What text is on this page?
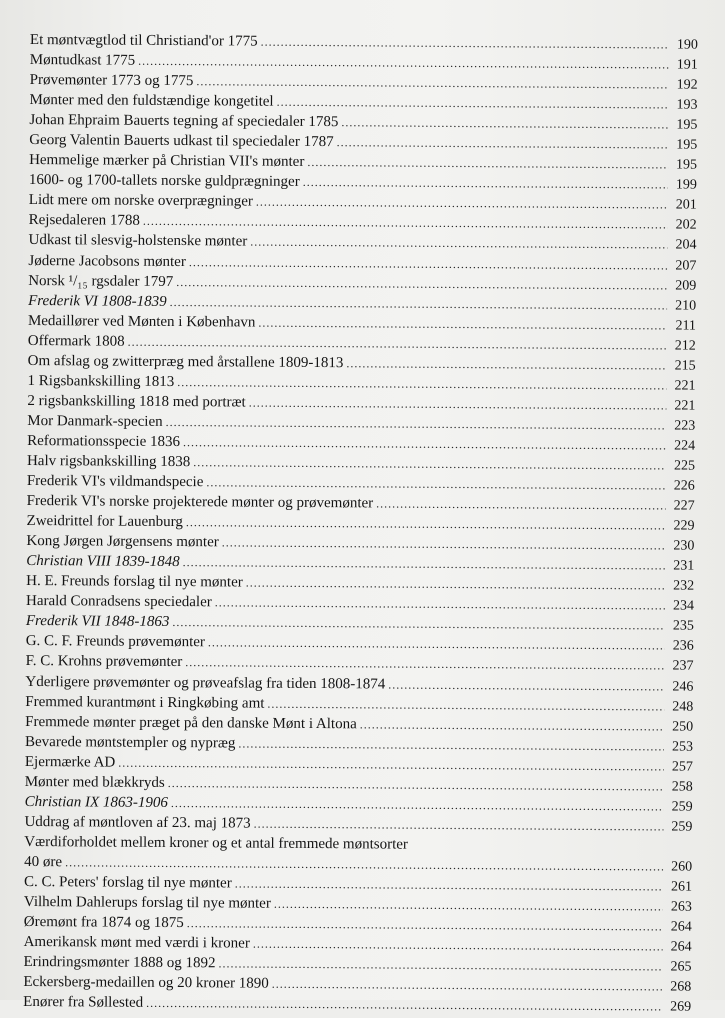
Et møntvægtlod til Christiand'or 1775 .....	190
Møntudkast 1775 .....	191
Prøvemønter 1773 og 1775 .....	192
Mønter med den fuldstændige kongetitel .....	193
Johan Ehpraim Bauerts tegning af speciedaler 1785 .....	195
Georg Valentin Bauerts udkast til speciedaler 1787 .....	195
Hemmelige mærker på Christian VII's mønter .....	195
1600- og 1700-tallets norske guldprægninger .....	199
Lidt mere om norske overprægninger .....	201
Rejsedaleren 1788 .....	202
Udkast til slesvig-holstenske mønter .....	204
Jøderne Jacobsons mønter .....	207
Norsk ¹/₁₅ rgsdaler 1797 .....	209
Frederik VI 1808-1839 .....	210
Medaillører ved Mønten i København .....	211
Offermark 1808 .....	212
Om afslag og zwitterpræg med årstallene 1809-1813 .....	215
1 Rigsbankskilling 1813 .....	221
2 rigsbankskilling 1818 med portræt .....	221
Mor Danmark-specien .....	223
Reformationsspecie 1836 .....	224
Halv rigsbankskilling 1838 .....	225
Frederik VI's vildmandspecie .....	226
Frederik VI's norske projekterede mønter og prøvemønter .....	227
Zweidrittel for Lauenburg .....	229
Kong Jørgen Jørgensens mønter .....	230
Christian VIII 1839-1848 .....	231
H. E. Freunds forslag til nye mønter .....	232
Harald Conradsens speciedaler .....	234
Frederik VII 1848-1863 .....	235
G. C. F. Freunds prøvemønter .....	236
F. C. Krohns prøvemønter .....	237
Yderligere prøvemønter og prøveafslag fra tiden 1808-1874 .....	246
Fremmed kurantmønt i Ringkøbing amt .....	248
Fremmede mønter præget på den danske Mønt i Altona .....	250
Bevarede møntstempler og nypræg .....	253
Ejermærke AD .....	257
Mønter med blækkryds .....	258
Christian IX 1863-1906 .....	259
Uddrag af møntloven af 23. maj 1873 .....	259
Værdiforholdet mellem kroner og et antal fremmede møntsorter
40 øre .....	260
C. C. Peters' forslag til nye mønter .....	261
Vilhelm Dahlerups forslag til nye mønter .....	263
Øremønt fra 1874 og 1875 .....	264
Amerikansk mønt med værdi i kroner .....	264
Erindringsmønter 1888 og 1892 .....	265
Eckersberg-medaillen og 20 kroner 1890 .....	268
Enører fra Søllested .....	269
